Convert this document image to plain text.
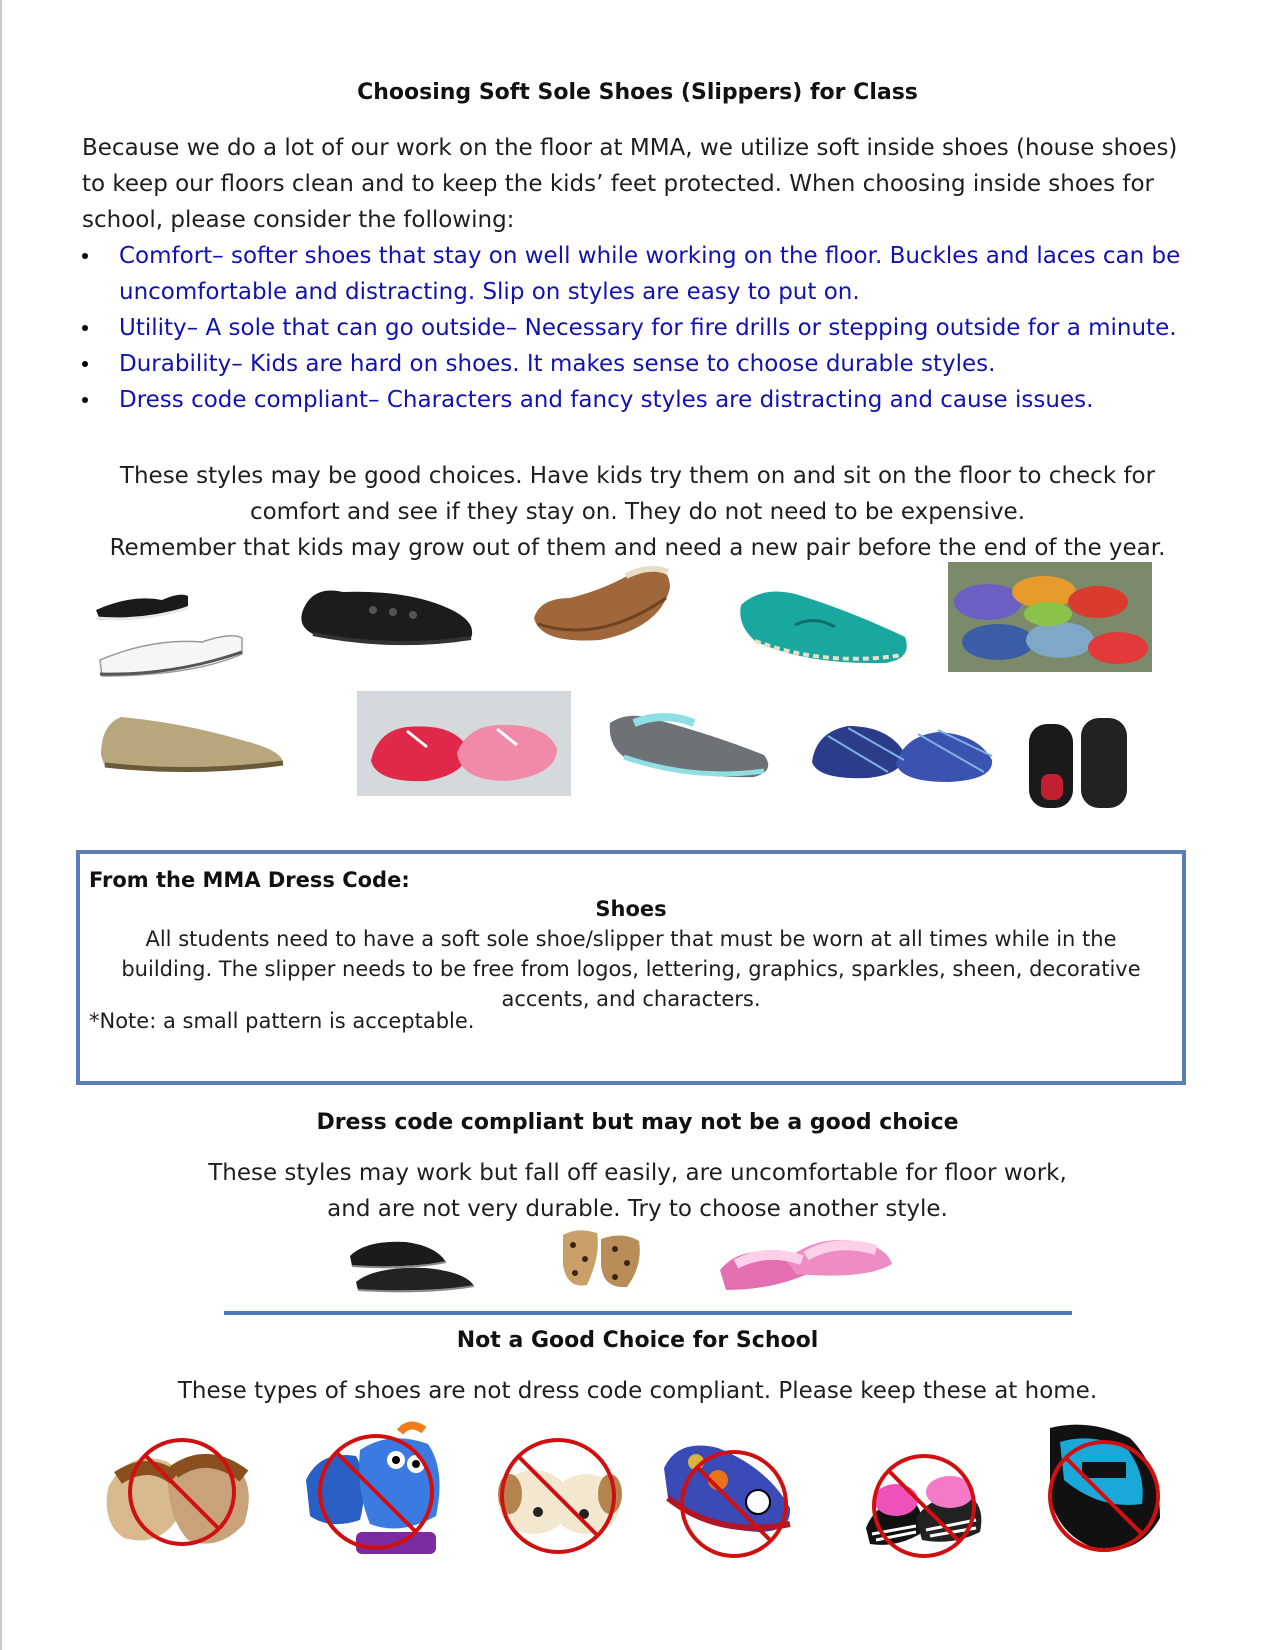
Choosing Soft Sole Shoes (Slippers) for Class
Because we do a lot of our work on the floor at MMA, we utilize soft inside shoes (house shoes) to keep our floors clean and to keep the kids’ feet protected. When choosing inside shoes for school, please consider the following:
Comfort– softer shoes that stay on well while working on the floor. Buckles and laces can be uncomfortable and distracting. Slip on styles are easy to put on.
Utility– A sole that can go outside– Necessary for fire drills or stepping outside for a minute.
Durability– Kids are hard on shoes. It makes sense to choose durable styles.
Dress code compliant– Characters and fancy styles are distracting and cause issues.
These styles may be good choices. Have kids try them on and sit on the floor to check for
comfort and see if they stay on. They do not need to be expensive.
Remember that kids may grow out of them and need a new pair before the end of the year.
From the MMA Dress Code:
Shoes
All students need to have a soft sole shoe/slipper that must be worn at all times while in the building. The slipper needs to be free from logos, lettering, graphics, sparkles, sheen, decorative accents, and characters.
*Note: a small pattern is acceptable.
Dress code compliant but may not be a good choice
These styles may work but fall off easily, are uncomfortable for floor work,
and are not very durable. Try to choose another style.
Not a Good Choice for School
These types of shoes are not dress code compliant. Please keep these at home.
